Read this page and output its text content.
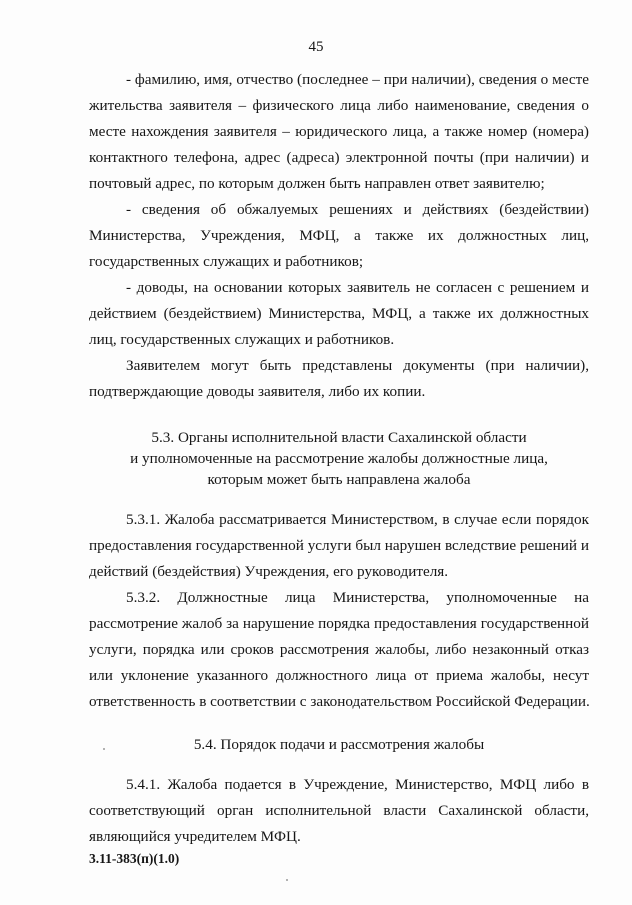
45
- фамилию, имя, отчество (последнее – при наличии), сведения о месте
жительства заявителя – физического лица либо наименование, сведения о
месте нахождения заявителя – юридического лица, а также номер (номера)
контактного телефона, адрес (адреса) электронной почты (при наличии) и
почтовый адрес, по которым должен быть направлен ответ заявителю;
- сведения об обжалуемых решениях и действиях (бездействии)
Министерства, Учреждения, МФЦ, а также их должностных лиц,
государственных служащих и работников;
- доводы, на основании которых заявитель не согласен с решением и
действием (бездействием) Министерства, МФЦ, а также их должностных
лиц, государственных служащих и работников.
Заявителем могут быть представлены документы (при наличии),
подтверждающие доводы заявителя, либо их копии.
5.3. Органы исполнительной власти Сахалинской области
и уполномоченные на рассмотрение жалобы должностные лица,
которым может быть направлена жалоба
5.3.1. Жалоба рассматривается Министерством, в случае если порядок
предоставления государственной услуги был нарушен вследствие решений и
действий (бездействия) Учреждения, его руководителя.
5.3.2. Должностные лица Министерства, уполномоченные на
рассмотрение жалоб за нарушение порядка предоставления государственной
услуги, порядка или сроков рассмотрения жалобы, либо незаконный отказ
или уклонение указанного должностного лица от приема жалобы, несут
ответственность в соответствии с законодательством Российской Федерации.
5.4. Порядок подачи и рассмотрения жалобы
5.4.1. Жалоба подается в Учреждение, Министерство, МФЦ либо в
соответствующий орган исполнительной власти Сахалинской области,
являющийся учредителем МФЦ.
3.11-383(п)(1.0)
